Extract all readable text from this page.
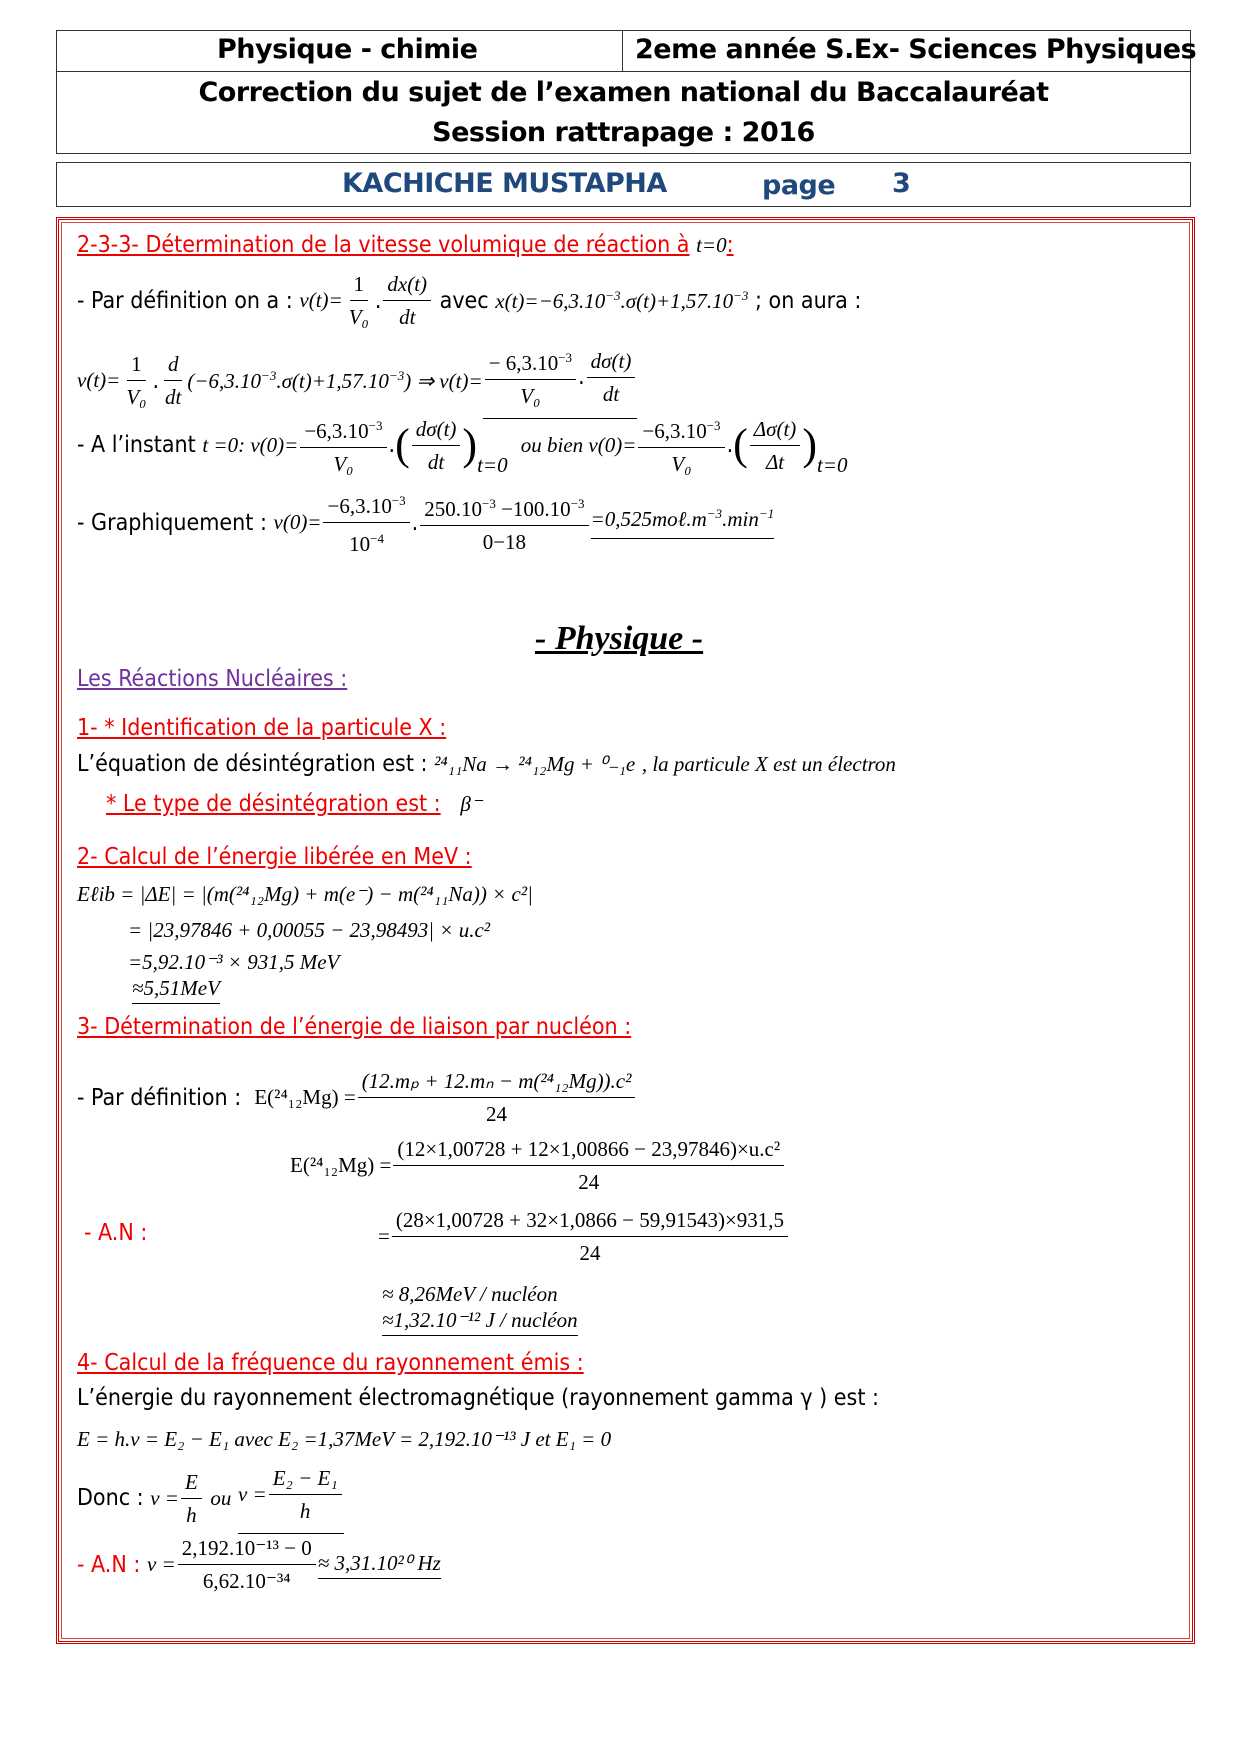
Physique - chimie	2eme année S.Ex- Sciences Physiques
Correction du sujet de l’examen national du Baccalauréat
Session rattrapage : 2016
KACHICHE MUSTAPHA	page 3
2-3-3- Détermination de la vitesse volumique de réaction à
t=0 :
- Par définition on a :
$v(t)= \frac{1}{\text{V₀}}$ . $\frac{dx(t)}{dt}$
avec
$x(t)=-6,3.10^{-3}.\sigma(t)+1,57.10^{-3}$
; on aura :
$v(t)= \frac{1}{\text{V₀}}$ . $\frac{d}{dt} (-6,3.10^{-3}.\sigma(t)+1,57.10^{-3})$ ⇒ $v(t)= \frac{- 6,3.10^{-3}}{\text{V₀}}$ . $\frac{d\sigma(t)}{dt}$
- A l’instant
t =0: $v(0)= \frac{-6,3.10^{-3}}{\text{V₀}}$ . ( $\frac{d\sigma(t)}{dt}$ ) t=0

ou bien $v(0)= \frac{-6,3.10^{-3}}{\text{V₀}}$ . ( $\frac{\Delta\sigma(t)}{\Delta t}$ ) t=0
- Graphiquement :
$v(0)= \frac{-6,3.10^{-3}}{10^{-4}}$ . $\frac{250.10^{-3} -100.10^{-3}}{0-18}$ $=0,525mo\ell.m^{-3}.\min^{-1}$
- Physique -
Les Réactions Nucléaires :
1- * Identification de la particule X :
L’équation de désintégration est :
²⁴₁₁Na → ²⁴₁₂Mg + ⁰₋₁e
, la particule X est un électron
* Le type de désintégration est :
β⁻
2- Calcul de l’énergie libérée en MeV :
Eℓib = |ΔE| = |(m(²⁴₁₂Mg) + m(e⁻) − m(²⁴₁₁Na)) × c²|
= |23,97846 + 0,00055 − 23,98493| × u.c²
=5,92.10⁻³ × 931,5 MeV
≈5,51MeV
3- Détermination de l’énergie de liaison par nucléon :
- Par définition :
$E(^{24}_{12}Mg) = \frac{\text{(12.mₚ + 12.mₙ − m(²⁴₁₂Mg)).c²}}{24}$
$E(^{24}_{12}Mg) = \frac{\text{(12×1,00728 + 12×1,00866 − 23,97846)×u.c²}}{24}$
- A.N :	= $\frac{(28\times 1,00728 + 32\times 1,0866 - 59,91543)\times 931,5}{24}$
≈ 8,26MeV / nucléon
≈1,32.10⁻¹² J / nucléon
4- Calcul de la fréquence du rayonnement émis :
L’énergie du rayonnement électromagnétique (rayonnement gamma γ ) est :
E = h.ν = E₂ − E₁ avec E₂ =1,37MeV = 2,192.10⁻¹³ J et E₁ = 0
Donc :
$\nu = \frac{E}{h}$
ou
$\nu = \frac{\text{E₂ − E₁}}{h}$
- A.N :
$\nu = \frac{\text{2,192.10⁻¹³ − 0}}{\text{6,62.10⁻³⁴}} \approx 3,31.10^{20}$ Hz
